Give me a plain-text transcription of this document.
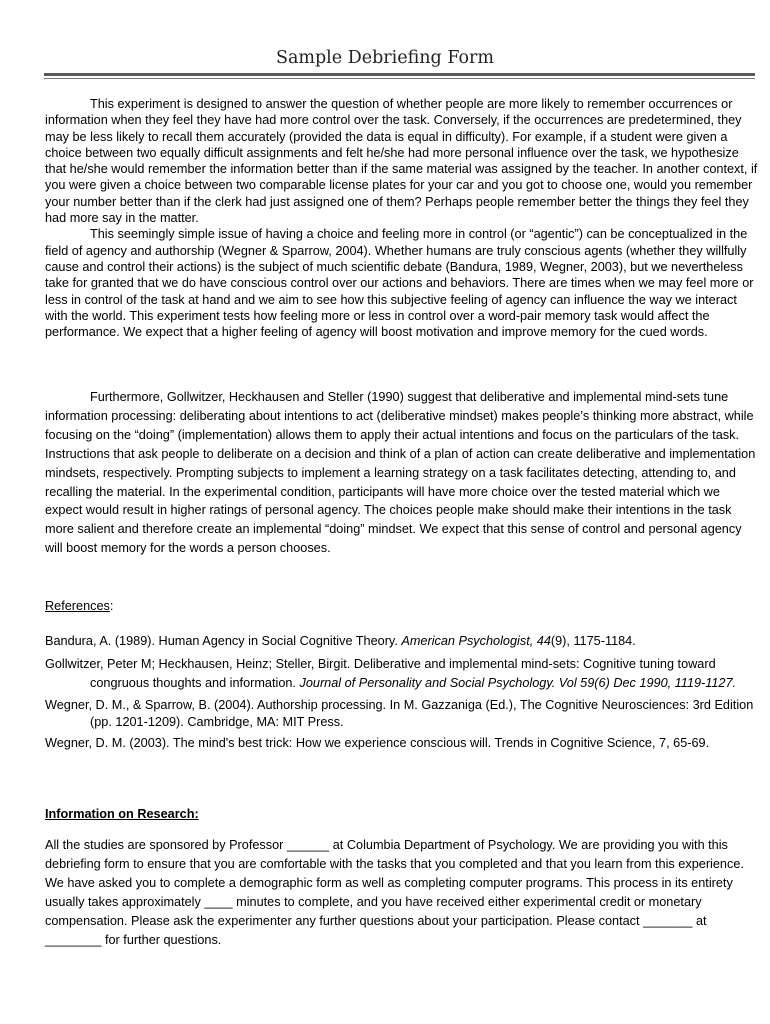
Sample Debriefing Form

This experiment is designed to answer the question of whether people are more likely to remember occurrences or information when they feel they have had more control over the task. Conversely, if the occurrences are predetermined, they may be less likely to recall them accurately (provided the data is equal in difficulty). For example, if a student were given a choice between two equally difficult assignments and felt he/she had more personal influence over the task, we hypothesize that he/she would remember the information better than if the same material was assigned by the teacher. In another context, if you were given a choice between two comparable license plates for your car and you got to choose one, would you remember your number better than if the clerk had just assigned one of them? Perhaps people remember better the things they feel they had more say in the matter.

This seemingly simple issue of having a choice and feeling more in control (or “agentic”) can be conceptualized in the field of agency and authorship (Wegner & Sparrow, 2004). Whether humans are truly conscious agents (whether they willfully cause and control their actions) is the subject of much scientific debate (Bandura, 1989, Wegner, 2003), but we nevertheless take for granted that we do have conscious control over our actions and behaviors. There are times when we may feel more or less in control of the task at hand and we aim to see how this subjective feeling of agency can influence the way we interact with the world. This experiment tests how feeling more or less in control over a word-pair memory task would affect the performance. We expect that a higher feeling of agency will boost motivation and improve memory for the cued words.

Furthermore, Gollwitzer, Heckhausen and Steller (1990) suggest that deliberative and implemental mind-sets tune information processing: deliberating about intentions to act (deliberative mindset) makes people’s thinking more abstract, while focusing on the “doing” (implementation) allows them to apply their actual intentions and focus on the particulars of the task. Instructions that ask people to deliberate on a decision and think of a plan of action can create deliberative and implementation mindsets, respectively. Prompting subjects to implement a learning strategy on a task facilitates detecting, attending to, and recalling the material. In the experimental condition, participants will have more choice over the tested material which we expect would result in higher ratings of personal agency. The choices people make should make their intentions in the task more salient and therefore create an implemental “doing” mindset. We expect that this sense of control and personal agency will boost memory for the words a person chooses.

References:
Bandura, A. (1989). Human Agency in Social Cognitive Theory. American Psychologist, 44(9), 1175-1184.
Gollwitzer, Peter M; Heckhausen, Heinz; Steller, Birgit. Deliberative and implemental mind-sets: Cognitive tuning toward congruous thoughts and information. Journal of Personality and Social Psychology. Vol 59(6) Dec 1990, 1119-1127.
Wegner, D. M., & Sparrow, B. (2004). Authorship processing. In M. Gazzaniga (Ed.), The Cognitive Neurosciences: 3rd Edition (pp. 1201-1209). Cambridge, MA: MIT Press.
Wegner, D. M. (2003). The mind's best trick: How we experience conscious will. Trends in Cognitive Science, 7, 65-69.
Information on Research:

All the studies are sponsored by Professor ______ at Columbia Department of Psychology. We are providing you with this debriefing form to ensure that you are comfortable with the tasks that you completed and that you learn from this experience. We have asked you to complete a demographic form as well as completing computer programs. This process in its entirety usually takes approximately ____ minutes to complete, and you have received either experimental credit or monetary compensation. Please ask the experimenter any further questions about your participation. Please contact _______ at ________ for further questions.
